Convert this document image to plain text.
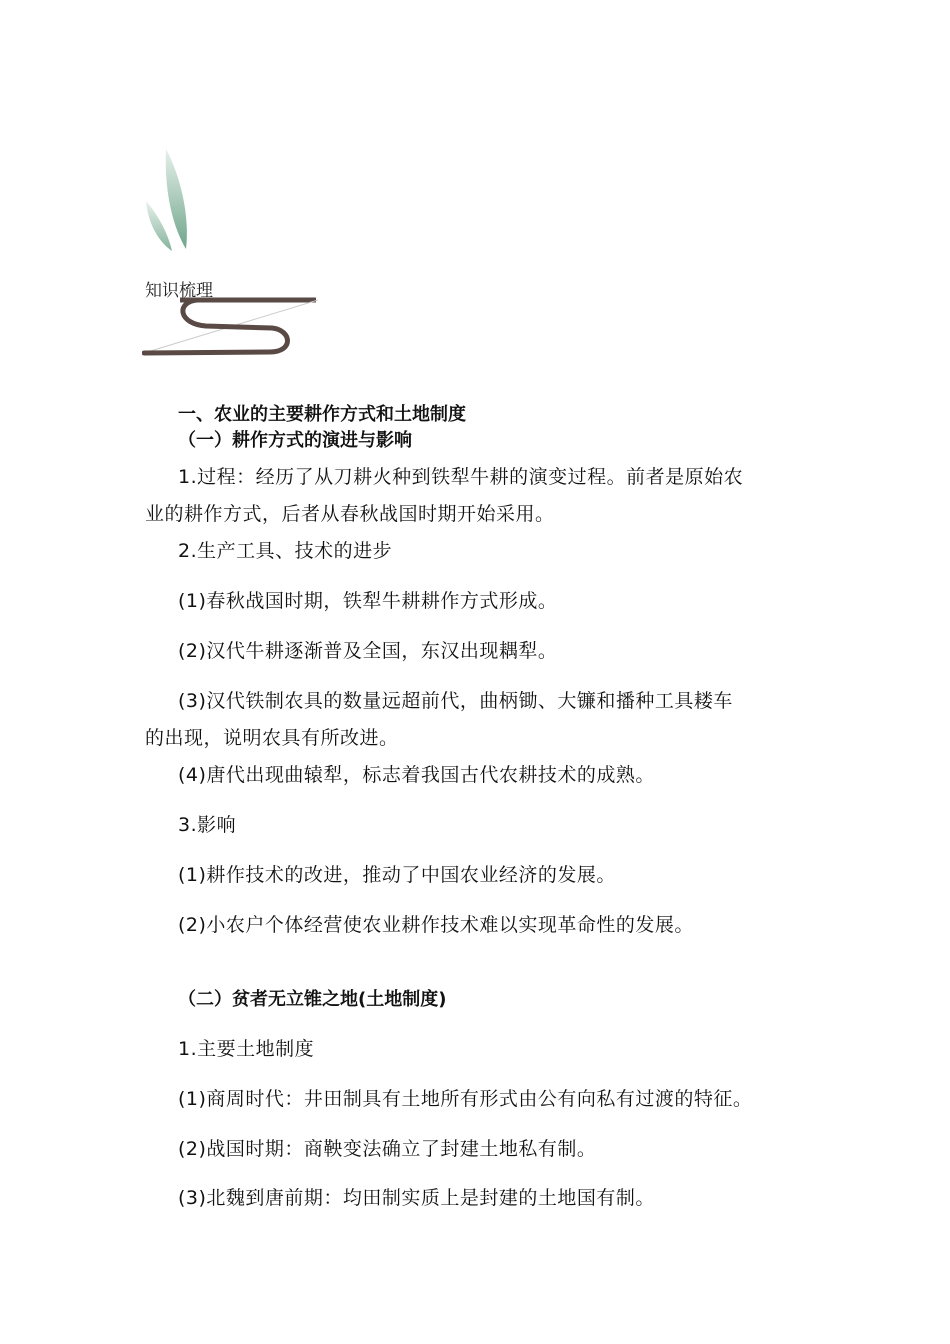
知识梳理
一、农业的主要耕作方式和土地制度
（一）耕作方式的演进与影响
1.过程：经历了从刀耕火种到铁犁牛耕的演变过程。前者是原始农
业的耕作方式，后者从春秋战国时期开始采用。
2.生产工具、技术的进步
(1)春秋战国时期，铁犁牛耕耕作方式形成。
(2)汉代牛耕逐渐普及全国，东汉出现耦犁。
(3)汉代铁制农具的数量远超前代，曲柄锄、大镰和播种工具耧车
的出现，说明农具有所改进。
(4)唐代出现曲辕犁，标志着我国古代农耕技术的成熟。
3.影响
(1)耕作技术的改进，推动了中国农业经济的发展。
(2)小农户个体经营使农业耕作技术难以实现革命性的发展。
（二）贫者无立锥之地(土地制度)
1.主要土地制度
(1)商周时代：井田制具有土地所有形式由公有向私有过渡的特征。
(2)战国时期：商鞅变法确立了封建土地私有制。
(3)北魏到唐前期：均田制实质上是封建的土地国有制。
